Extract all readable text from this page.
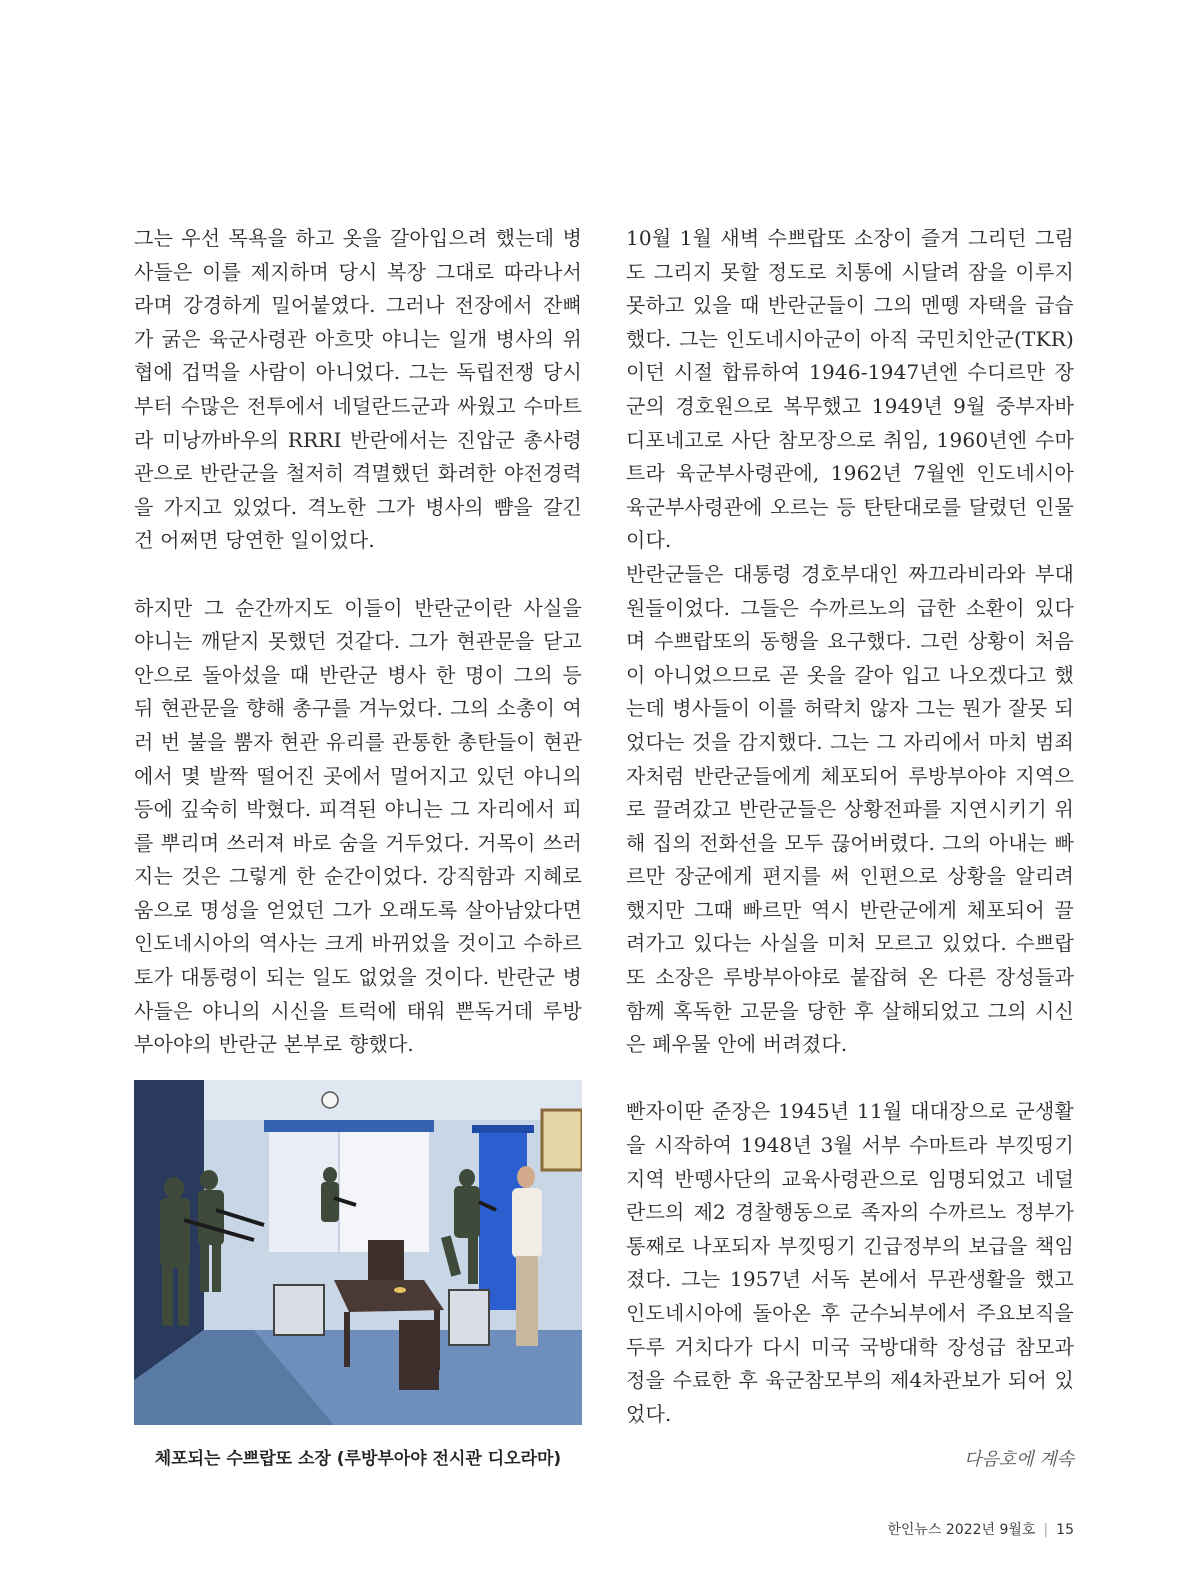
그는 우선 목욕을 하고 옷을 갈아입으려 했는데 병사들은 이를 제지하며 당시 복장 그대로 따라나서라며 강경하게 밀어붙였다. 그러나 전장에서 잔뼈가 굵은 육군사령관 아흐맛 야니는 일개 병사의 위협에 겁먹을 사람이 아니었다. 그는 독립전쟁 당시부터 수많은 전투에서 네덜란드군과 싸웠고 수마트라 미낭까바우의 RRRI 반란에서는 진압군 총사령관으로 반란군을 철저히 격멸했던 화려한 야전경력을 가지고 있었다. 격노한 그가 병사의 뺨을 갈긴 건 어쩌면 당연한 일이었다.

하지만 그 순간까지도 이들이 반란군이란 사실을 야니는 깨닫지 못했던 것같다. 그가 현관문을 닫고 안으로 돌아섰을 때 반란군 병사 한 명이 그의 등 뒤 현관문을 향해 총구를 겨누었다. 그의 소총이 여러 번 불을 뿜자 현관 유리를 관통한 총탄들이 현관에서 몇 발짝 떨어진 곳에서 멀어지고 있던 야니의 등에 깊숙히 박혔다. 피격된 야니는 그 자리에서 피를 뿌리며 쓰러져 바로 숨을 거두었다. 거목이 쓰러지는 것은 그렇게 한 순간이었다. 강직함과 지혜로움으로 명성을 얻었던 그가 오래도록 살아남았다면 인도네시아의 역사는 크게 바뀌었을 것이고 수하르토가 대통령이 되는 일도 없었을 것이다. 반란군 병사들은 야니의 시신을 트럭에 태워 쁜독거데 루방부아야의 반란군 본부로 향했다.

10월 1월 새벽 수쁘랍또 소장이 즐겨 그리던 그림도 그리지 못할 정도로 치통에 시달려 잠을 이루지 못하고 있을 때 반란군들이 그의 멘뗑 자택을 급습했다. 그는 인도네시아군이 아직 국민치안군(TKR)이던 시절 합류하여 1946-1947년엔 수디르만 장군의 경호원으로 복무했고 1949년 9월 중부자바 디포네고로 사단 참모장으로 취임, 1960년엔 수마트라 육군부사령관에, 1962년 7월엔 인도네시아 육군부사령관에 오르는 등 탄탄대로를 달렸던 인물이다.

반란군들은 대통령 경호부대인 짜끄라비라와 부대원들이었다. 그들은 수까르노의 급한 소환이 있다며 수쁘랍또의 동행을 요구했다. 그런 상황이 처음이 아니었으므로 곧 옷을 갈아 입고 나오겠다고 했는데 병사들이 이를 허락치 않자 그는 뭔가 잘못 되었다는 것을 감지했다. 그는 그 자리에서 마치 범죄자처럼 반란군들에게 체포되어 루방부아야 지역으로 끌려갔고 반란군들은 상황전파를 지연시키기 위해 집의 전화선을 모두 끊어버렸다. 그의 아내는 빠르만 장군에게 편지를 써 인편으로 상황을 알리려 했지만 그때 빠르만 역시 반란군에게 체포되어 끌려가고 있다는 사실을 미처 모르고 있었다. 수쁘랍또 소장은 루방부아야로 붙잡혀 온 다른 장성들과 함께 혹독한 고문을 당한 후 살해되었고 그의 시신은 폐우물 안에 버려졌다.

빤자이딴 준장은 1945년 11월 대대장으로 군생활을 시작하여 1948년 3월 서부 수마트라 부낏띵기 지역 반뗑사단의 교육사령관으로 임명되었고 네덜란드의 제2 경찰행동으로 족자의 수까르노 정부가 통째로 나포되자 부낏띵기 긴급정부의 보급을 책임졌다. 그는 1957년 서독 본에서 무관생활을 했고 인도네시아에 돌아온 후 군수뇌부에서 주요보직을 두루 거치다가 다시 미국 국방대학 장성급 참모과정을 수료한 후 육군참모부의 제4차관보가 되어 있었다.

체포되는 수쁘랍또 소장 (루방부아야 전시관 디오라마)	다음호에 계속
한인뉴스 2022년 9월호 | 15
